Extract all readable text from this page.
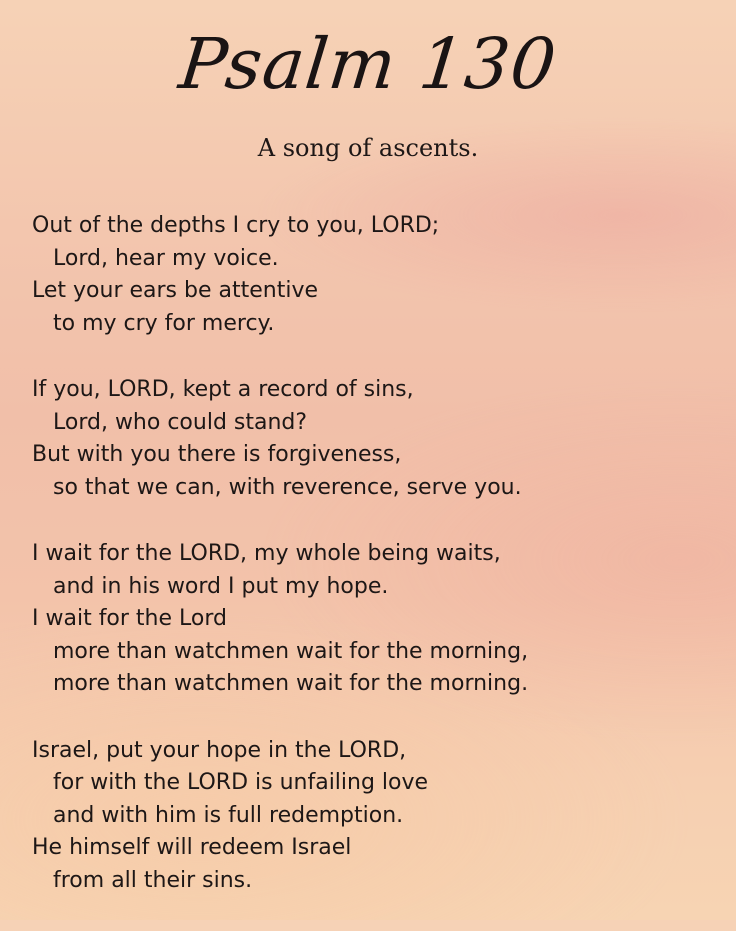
Psalm 130
A song of ascents.
Out of the depths I cry to you, LORD;
Lord, hear my voice.
Let your ears be attentive
to my cry for mercy.
If you, LORD, kept a record of sins,
Lord, who could stand?
But with you there is forgiveness,
so that we can, with reverence, serve you.
I wait for the LORD, my whole being waits,
and in his word I put my hope.
I wait for the Lord
more than watchmen wait for the morning,
more than watchmen wait for the morning.
Israel, put your hope in the LORD,
for with the LORD is unfailing love
and with him is full redemption.
He himself will redeem Israel
from all their sins.
